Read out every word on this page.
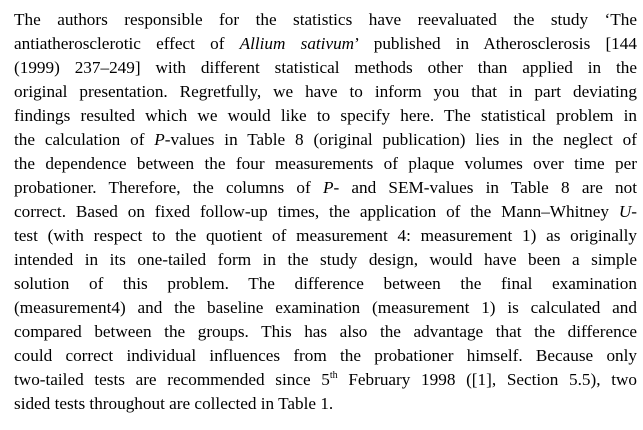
The authors responsible for the statistics have reevaluated the study ‘The
antiatherosclerotic effect of Allium sativum’ published in Atherosclerosis [144
(1999) 237–249] with different statistical methods other than applied in the
original presentation. Regretfully, we have to inform you that in part deviating
findings resulted which we would like to specify here. The statistical problem in
the calculation of P-values in Table 8 (original publication) lies in the neglect of
the dependence between the four measurements of plaque volumes over time per
probationer. Therefore, the columns of P- and SEM-values in Table 8 are not
correct. Based on fixed follow-up times, the application of the Mann–Whitney U-
test (with respect to the quotient of measurement 4: measurement 1) as originally
intended in its one-tailed form in the study design, would have been a simple
solution of this problem. The difference between the final examination
(measurement4) and the baseline examination (measurement 1) is calculated and
compared between the groups. This has also the advantage that the difference
could correct individual influences from the probationer himself. Because only
two-tailed tests are recommended since 5th February 1998 ([1], Section 5.5), two
sided tests throughout are collected in Table 1.
